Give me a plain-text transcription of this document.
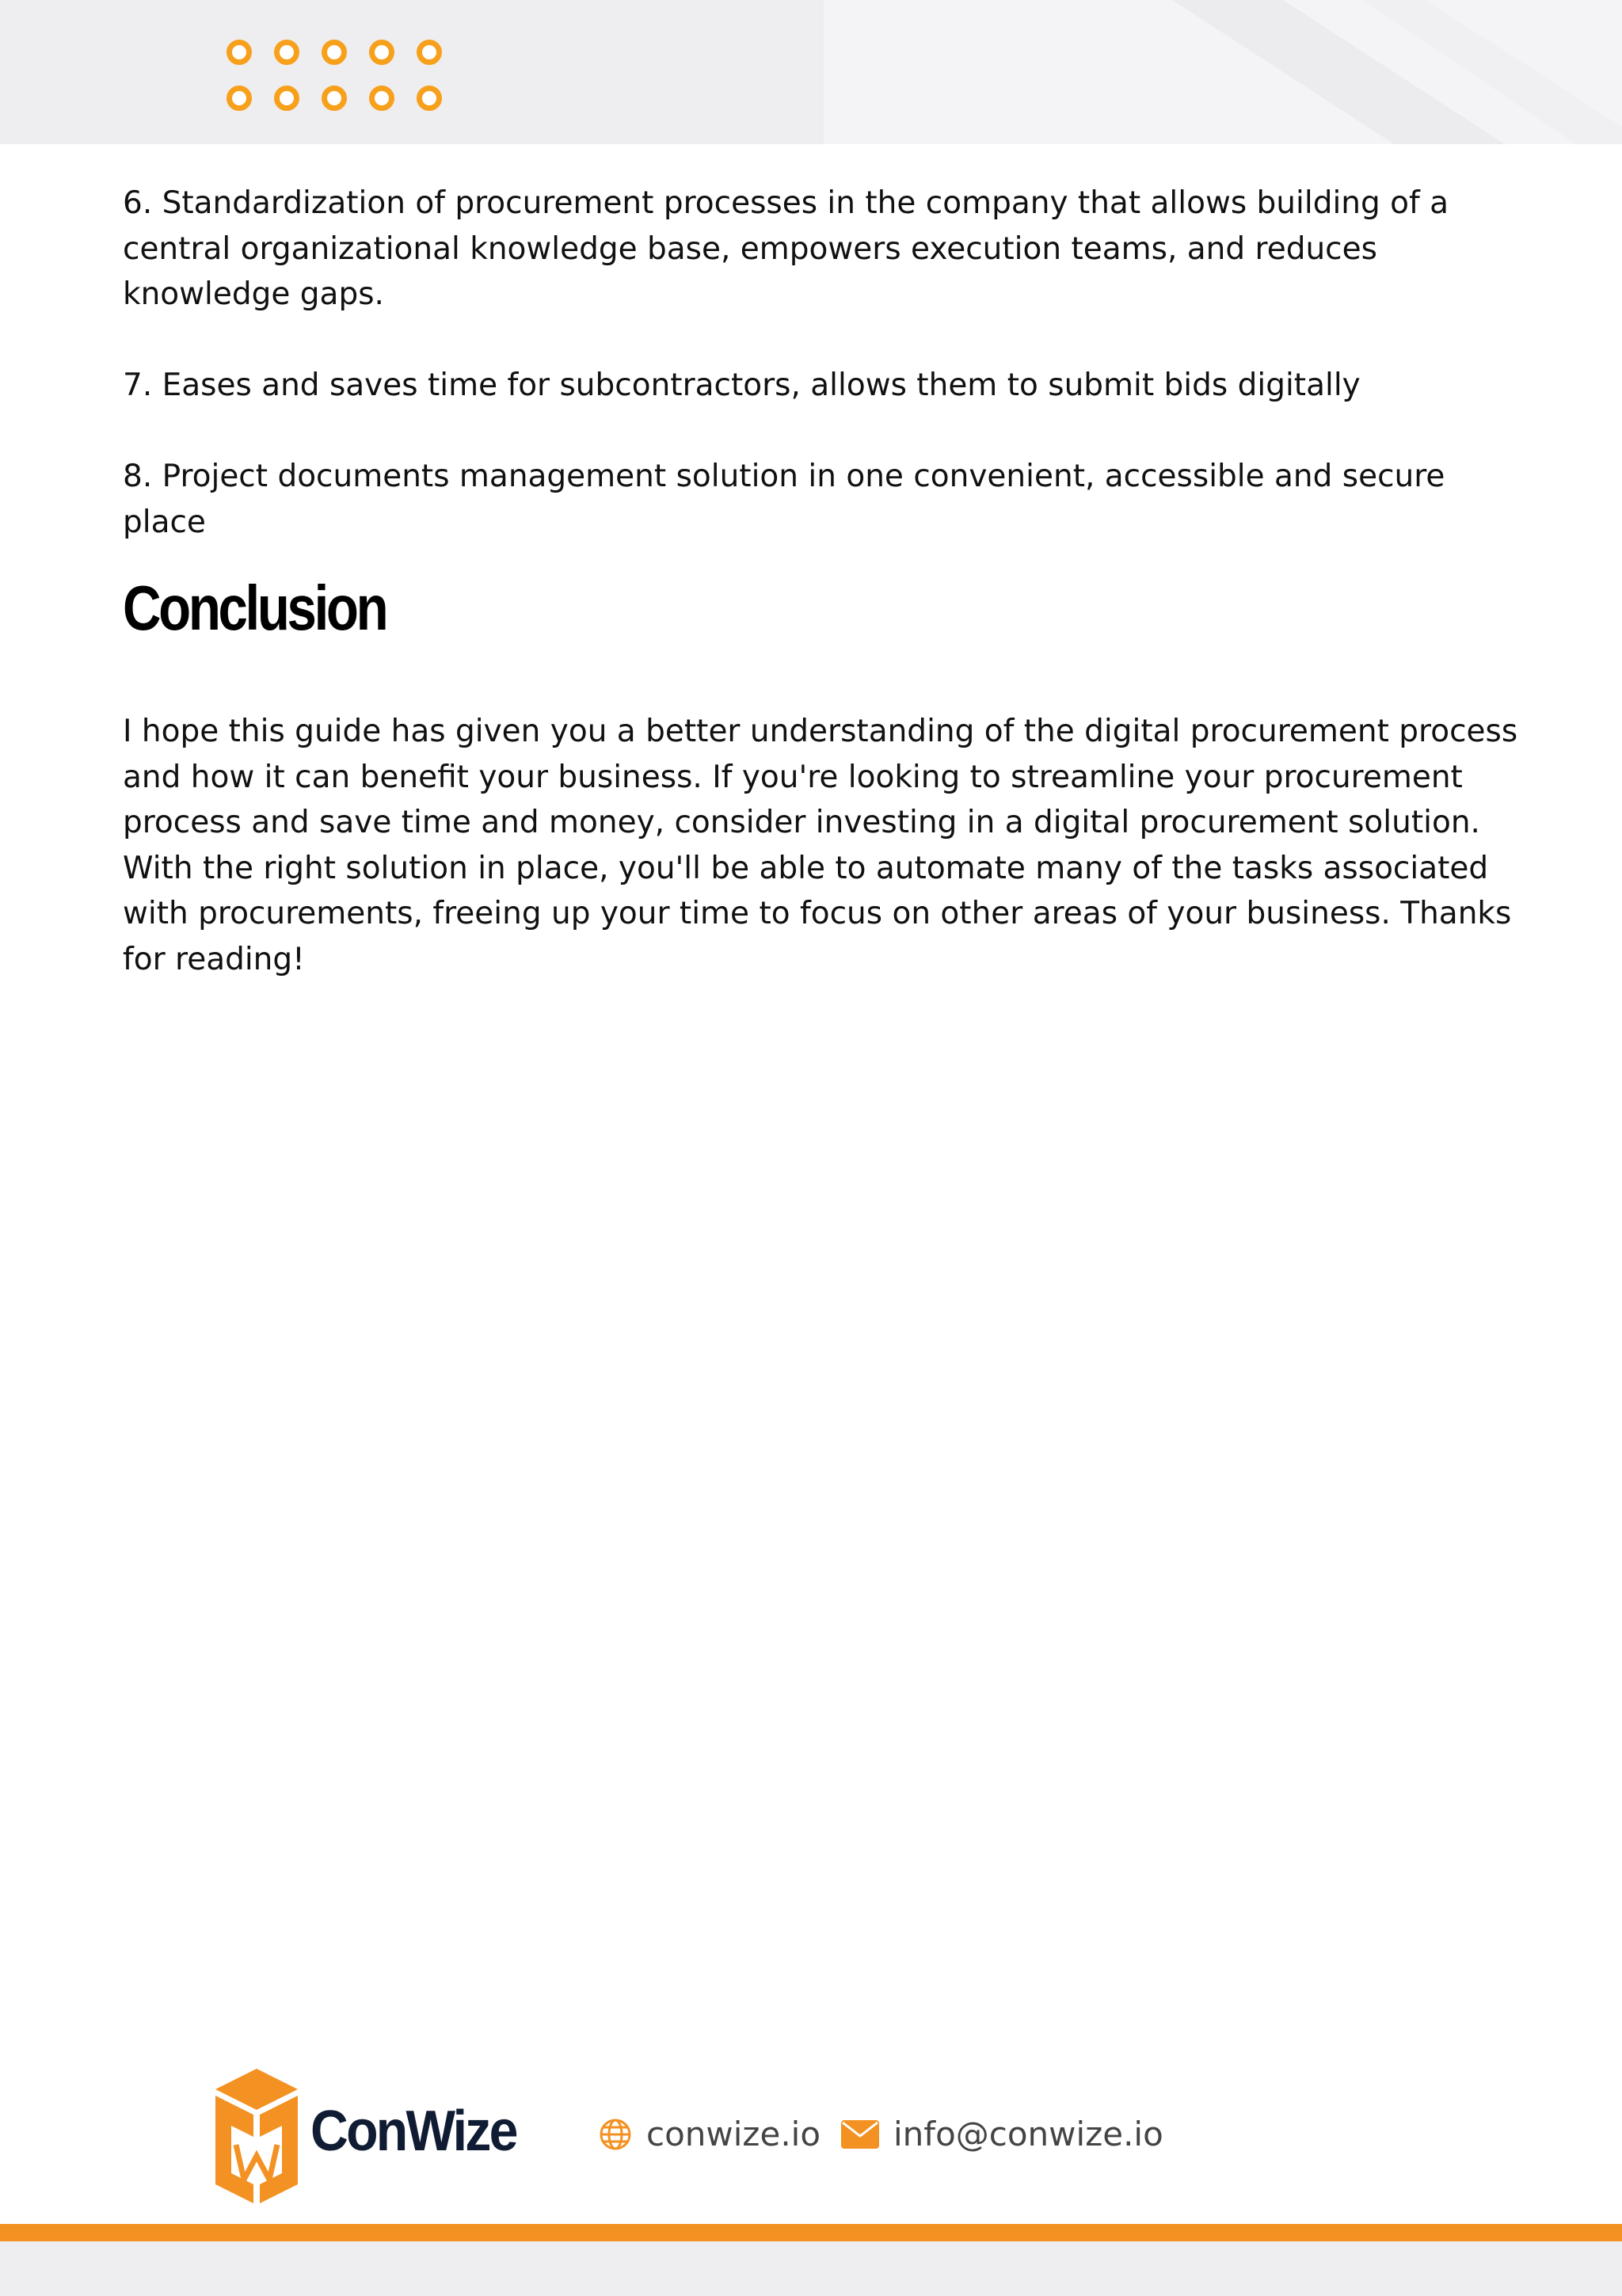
6. Standardization of procurement processes in the company that allows building of a central organizational knowledge base, empowers execution teams, and reduces knowledge gaps.

7. Eases and saves time for subcontractors, allows them to submit bids digitally

8. Project documents management solution in one convenient, accessible and secure place

Conclusion

I hope this guide has given you a better understanding of the digital procurement process and how it can benefit your business. If you're looking to streamline your procurement process and save time and money, consider investing in a digital procurement solution. With the right solution in place, you'll be able to automate many of the tasks associated with procurements, freeing up your time to focus on other areas of your business. Thanks for reading!

ConWize	conwize.io info@conwize.io
